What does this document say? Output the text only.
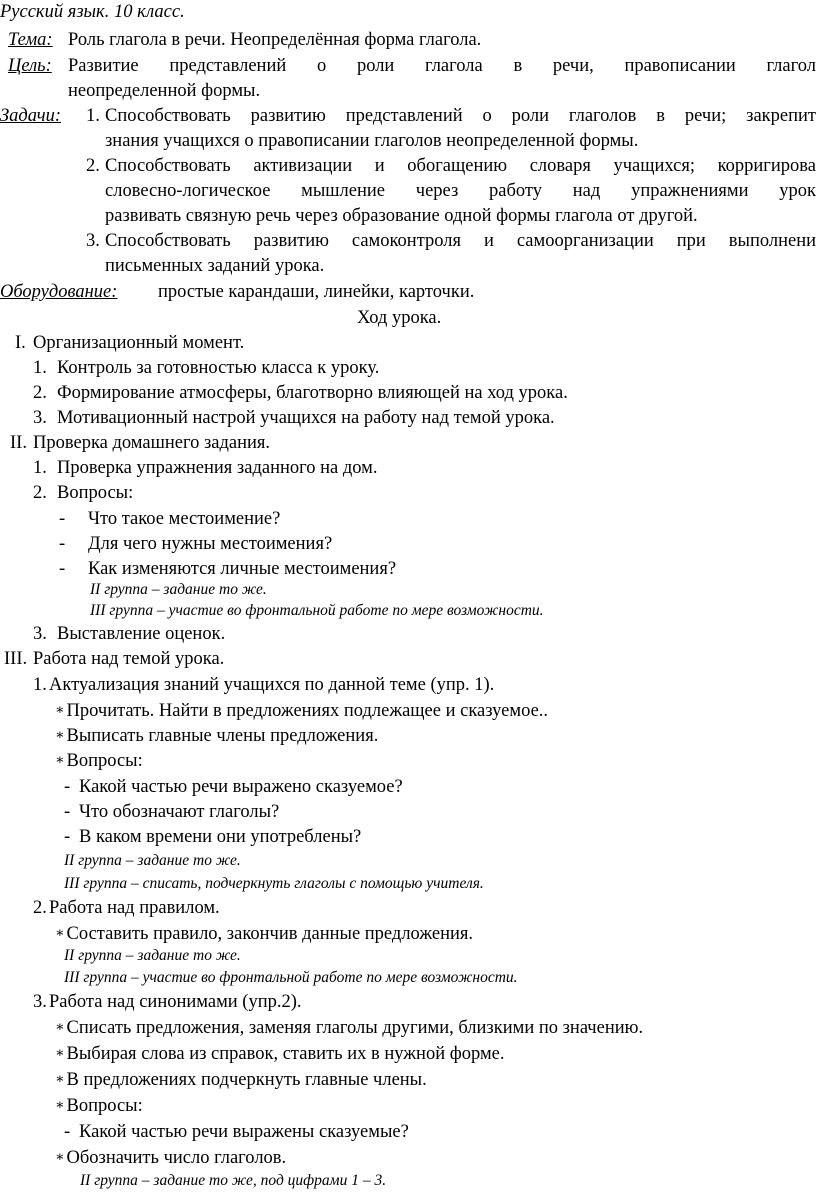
Русский язык. 10 класс.
Тема: Роль глагола в речи. Неопределённая форма глагола.
Цель: Развитие представлений о роли глагола в речи, правописании глагол
неопределенной формы.
Задачи: 1. Способствовать развитию представлений о роли глаголов в речи; закрепит
знания учащихся о правописании глаголов неопределенной формы.
2. Способствовать активизации и обогащению словаря учащихся; корригирова
словесно-логическое мышление через работу над упражнениями урок
развивать связную речь через образование одной формы глагола от другой.
3. Способствовать развитию самоконтроля и самоорганизации при выполнени
письменных заданий урока.
Оборудование: простые карандаши, линейки, карточки.
Ход урока.
I. Организационный момент.
1. Контроль за готовностью класса к уроку.
2. Формирование атмосферы, благотворно влияющей на ход урока.
3. Мотивационный настрой учащихся на работу над темой урока.
II. Проверка домашнего задания.
1. Проверка упражнения заданного на дом.
2. Вопросы:
- Что такое местоимение?
- Для чего нужны местоимения?
- Как изменяются личные местоимения?
II группа – задание то же.
III группа – участие во фронтальной работе по мере возможности.
3. Выставление оценок.
III. Работа над темой урока.
1. Актуализация знаний учащихся по данной теме (упр. 1).
∗ Прочитать. Найти в предложениях подлежащее и сказуемое..
∗ Выписать главные члены предложения.
∗ Вопросы:
- Какой частью речи выражено сказуемое?
- Что обозначают глаголы?
- В каком времени они употреблены?
II группа – задание то же.
III группа – списать, подчеркнуть глаголы с помощью учителя.
2. Работа над правилом.
∗ Составить правило, закончив данные предложения.
II группа – задание то же.
III группа – участие во фронтальной работе по мере возможности.
3. Работа над синонимами (упр.2).
∗ Списать предложения, заменяя глаголы другими, близкими по значению.
∗ Выбирая слова из справок, ставить их в нужной форме.
∗ В предложениях подчеркнуть главные члены.
∗ Вопросы:
- Какой частью речи выражены сказуемые?
∗ Обозначить число глаголов.
II группа – задание то же, под цифрами 1 – 3.
